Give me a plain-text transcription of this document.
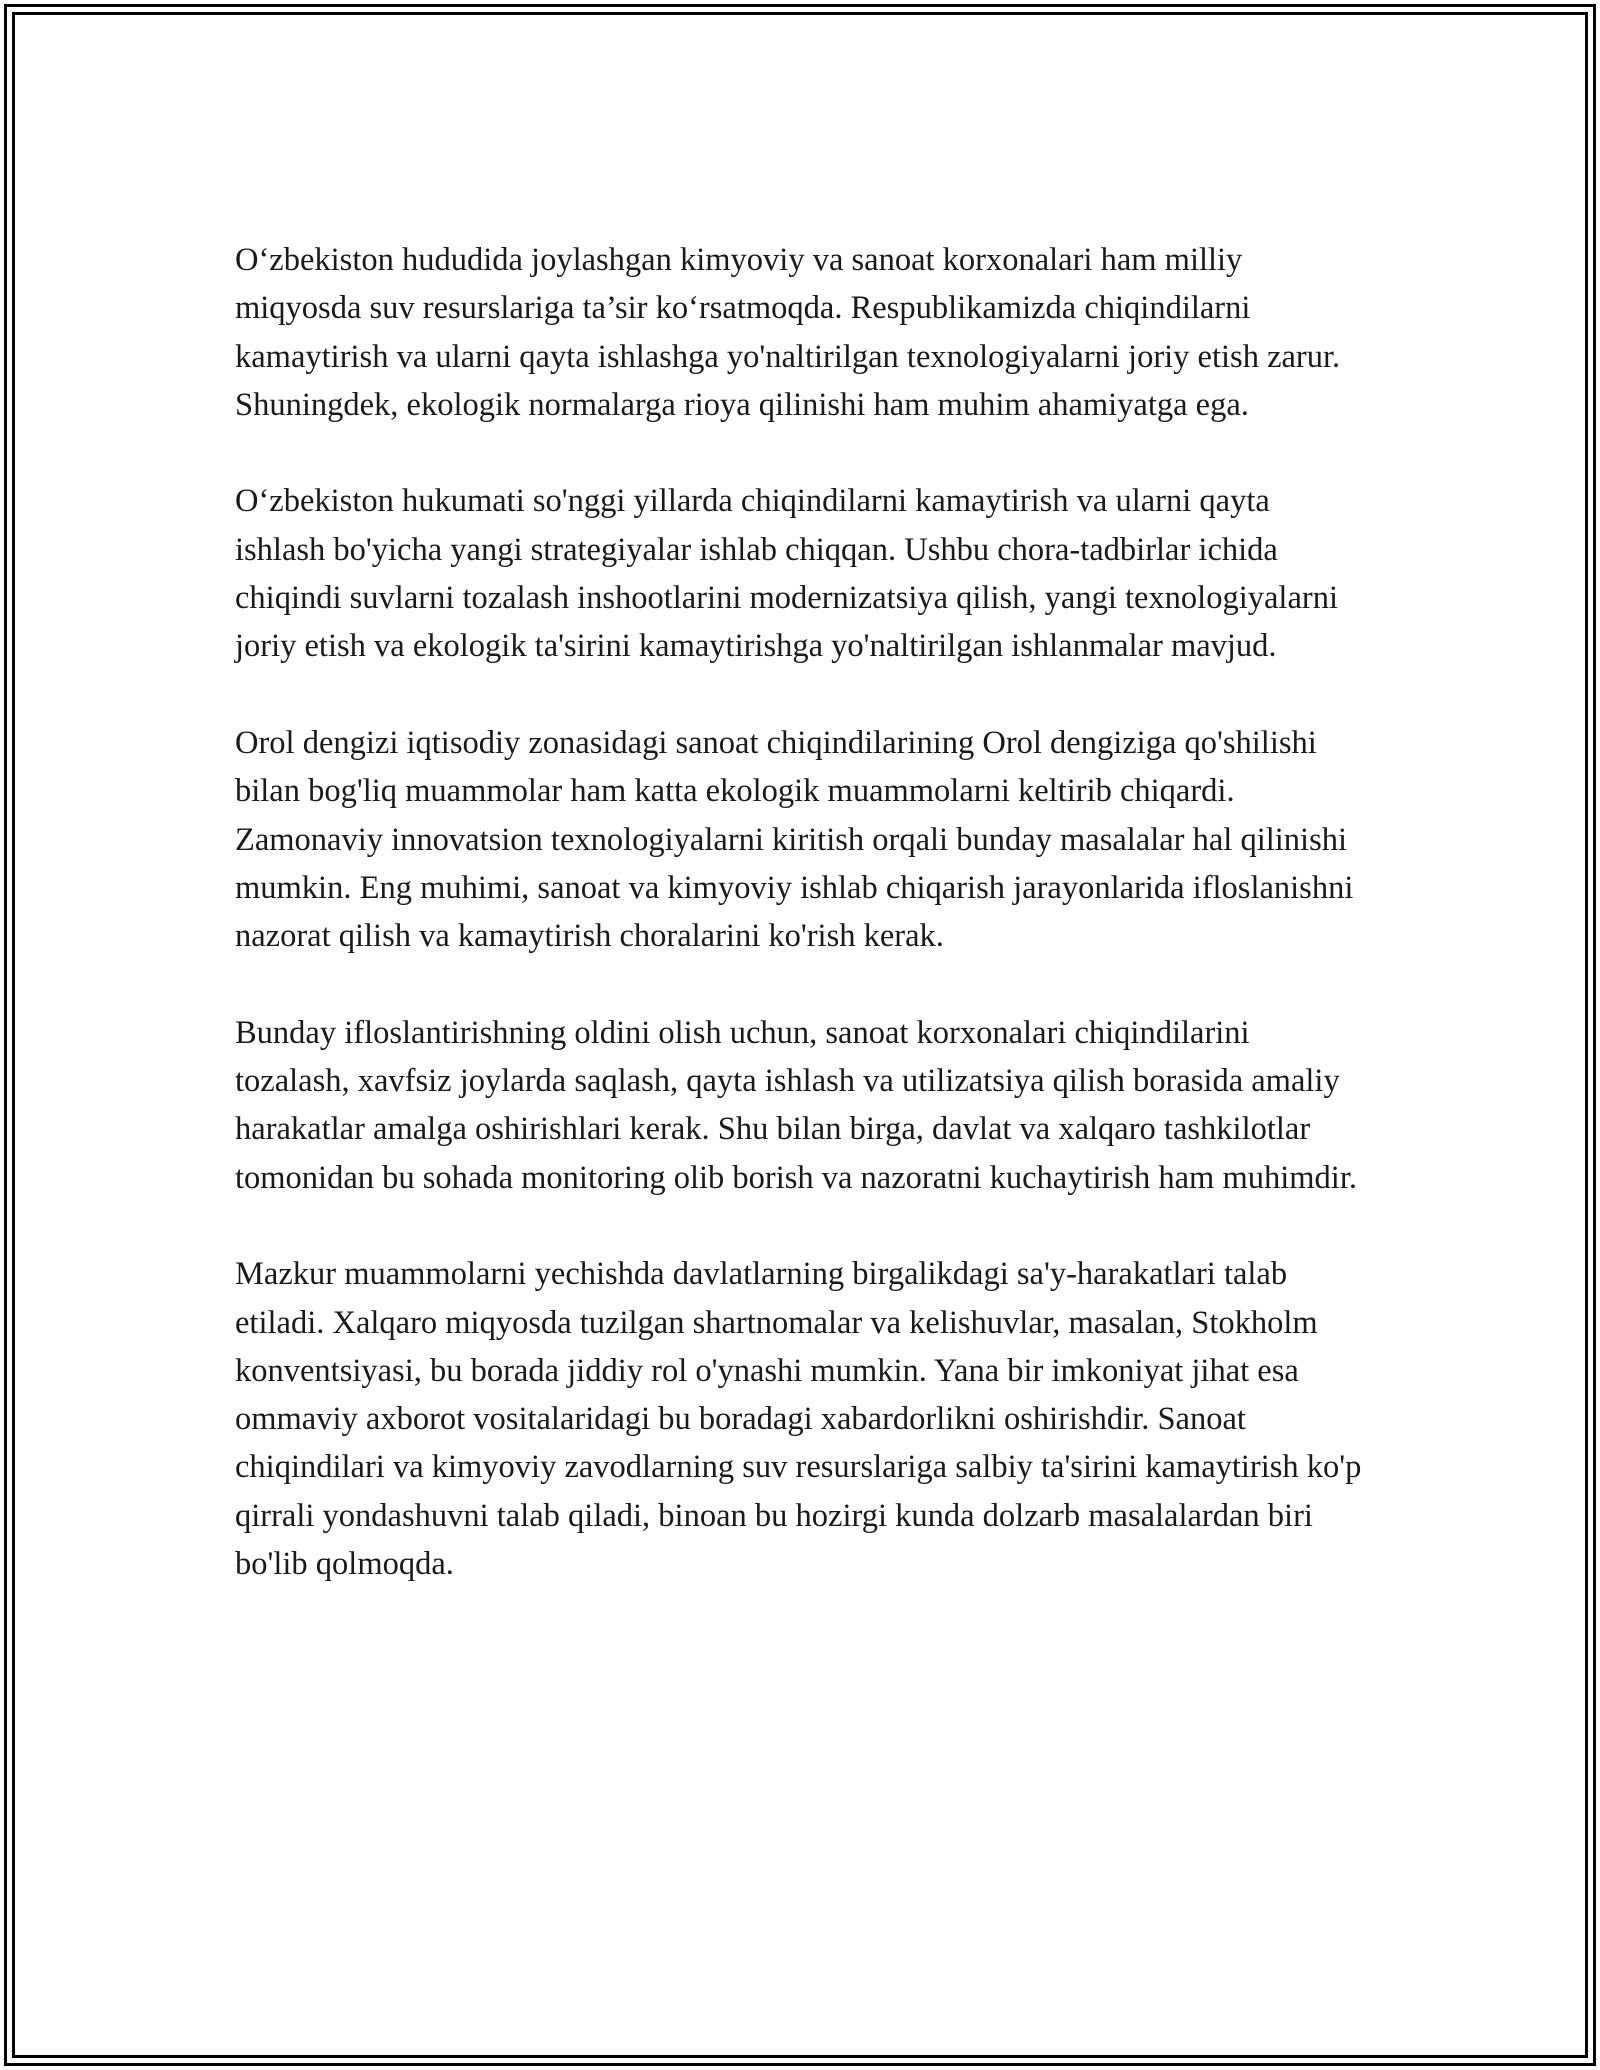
O‘zbekiston hududida joylashgan kimyoviy va sanoat korxonalari ham milliy miqyosda suv resurslariga ta’sir ko‘rsatmoqda. Respublikamizda chiqindilarni kamaytirish va ularni qayta ishlashga yo'naltirilgan texnologiyalarni joriy etish zarur. Shuningdek, ekologik normalarga rioya qilinishi ham muhim ahamiyatga ega.

O‘zbekiston hukumati so'nggi yillarda chiqindilarni kamaytirish va ularni qayta ishlash bo'yicha yangi strategiyalar ishlab chiqqan. Ushbu chora-tadbirlar ichida chiqindi suvlarni tozalash inshootlarini modernizatsiya qilish, yangi texnologiyalarni joriy etish va ekologik ta'sirini kamaytirishga yo'naltirilgan ishlanmalar mavjud.

Orol dengizi iqtisodiy zonasidagi sanoat chiqindilarining Orol dengiziga qo'shilishi bilan bog'liq muammolar ham katta ekologik muammolarni keltirib chiqardi. Zamonaviy innovatsion texnologiyalarni kiritish orqali bunday masalalar hal qilinishi mumkin. Eng muhimi, sanoat va kimyoviy ishlab chiqarish jarayonlarida ifloslanishni nazorat qilish va kamaytirish choralarini ko'rish kerak.

Bunday ifloslantirishning oldini olish uchun, sanoat korxonalari chiqindilarini tozalash, xavfsiz joylarda saqlash, qayta ishlash va utilizatsiya qilish borasida amaliy harakatlar amalga oshirishlari kerak. Shu bilan birga, davlat va xalqaro tashkilotlar tomonidan bu sohada monitoring olib borish va nazoratni kuchaytirish ham muhimdir.

Mazkur muammolarni yechishda davlatlarning birgalikdagi sa'y-harakatlari talab etiladi. Xalqaro miqyosda tuzilgan shartnomalar va kelishuvlar, masalan, Stokholm konventsiyasi, bu borada jiddiy rol o'ynashi mumkin. Yana bir imkoniyat jihat esa ommaviy axborot vositalaridagi bu boradagi xabardorlikni oshirishdir. Sanoat chiqindilari va kimyoviy zavodlarning suv resurslariga salbiy ta'sirini kamaytirish ko'p qirrali yondashuvni talab qiladi, binoan bu hozirgi kunda dolzarb masalalardan biri bo'lib qolmoqda.
